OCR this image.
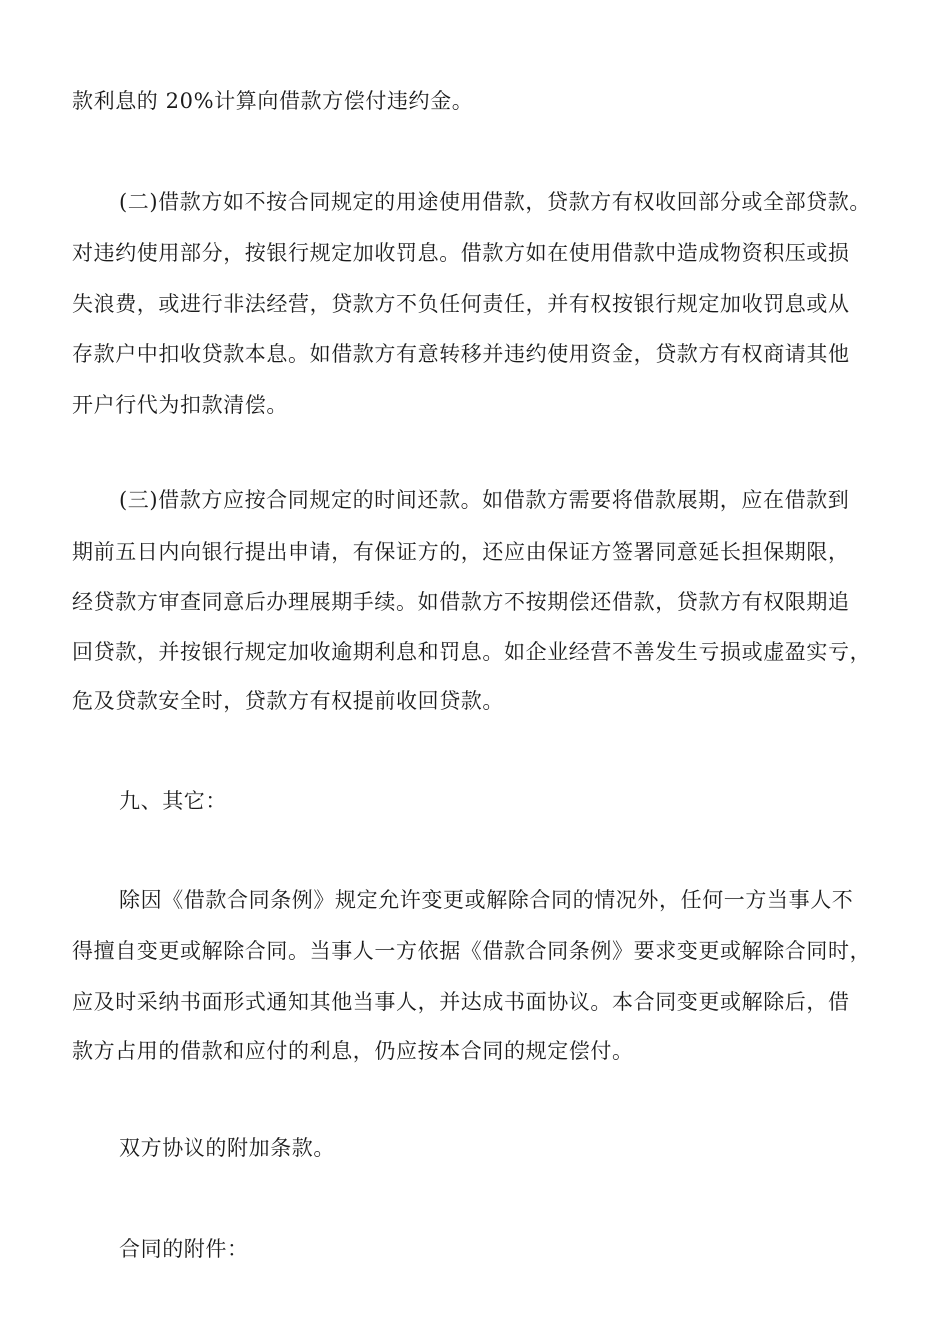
款利息的 20%计算向借款方偿付违约金。
(二)借款方如不按合同规定的用途使用借款，贷款方有权收回部分或全部贷款。
对违约使用部分，按银行规定加收罚息。借款方如在使用借款中造成物资积压或损
失浪费，或进行非法经营，贷款方不负任何责任，并有权按银行规定加收罚息或从
存款户中扣收贷款本息。如借款方有意转移并违约使用资金，贷款方有权商请其他
开户行代为扣款清偿。
(三)借款方应按合同规定的时间还款。如借款方需要将借款展期，应在借款到
期前五日内向银行提出申请，有保证方的，还应由保证方签署同意延长担保期限，
经贷款方审查同意后办理展期手续。如借款方不按期偿还借款，贷款方有权限期追
回贷款，并按银行规定加收逾期利息和罚息。如企业经营不善发生亏损或虚盈实亏，
危及贷款安全时，贷款方有权提前收回贷款。
九、其它：
除因《借款合同条例》规定允许变更或解除合同的情况外，任何一方当事人不
得擅自变更或解除合同。当事人一方依据《借款合同条例》要求变更或解除合同时，
应及时采纳书面形式通知其他当事人，并达成书面协议。本合同变更或解除后，借
款方占用的借款和应付的利息，仍应按本合同的规定偿付。
双方协议的附加条款。
合同的附件：
